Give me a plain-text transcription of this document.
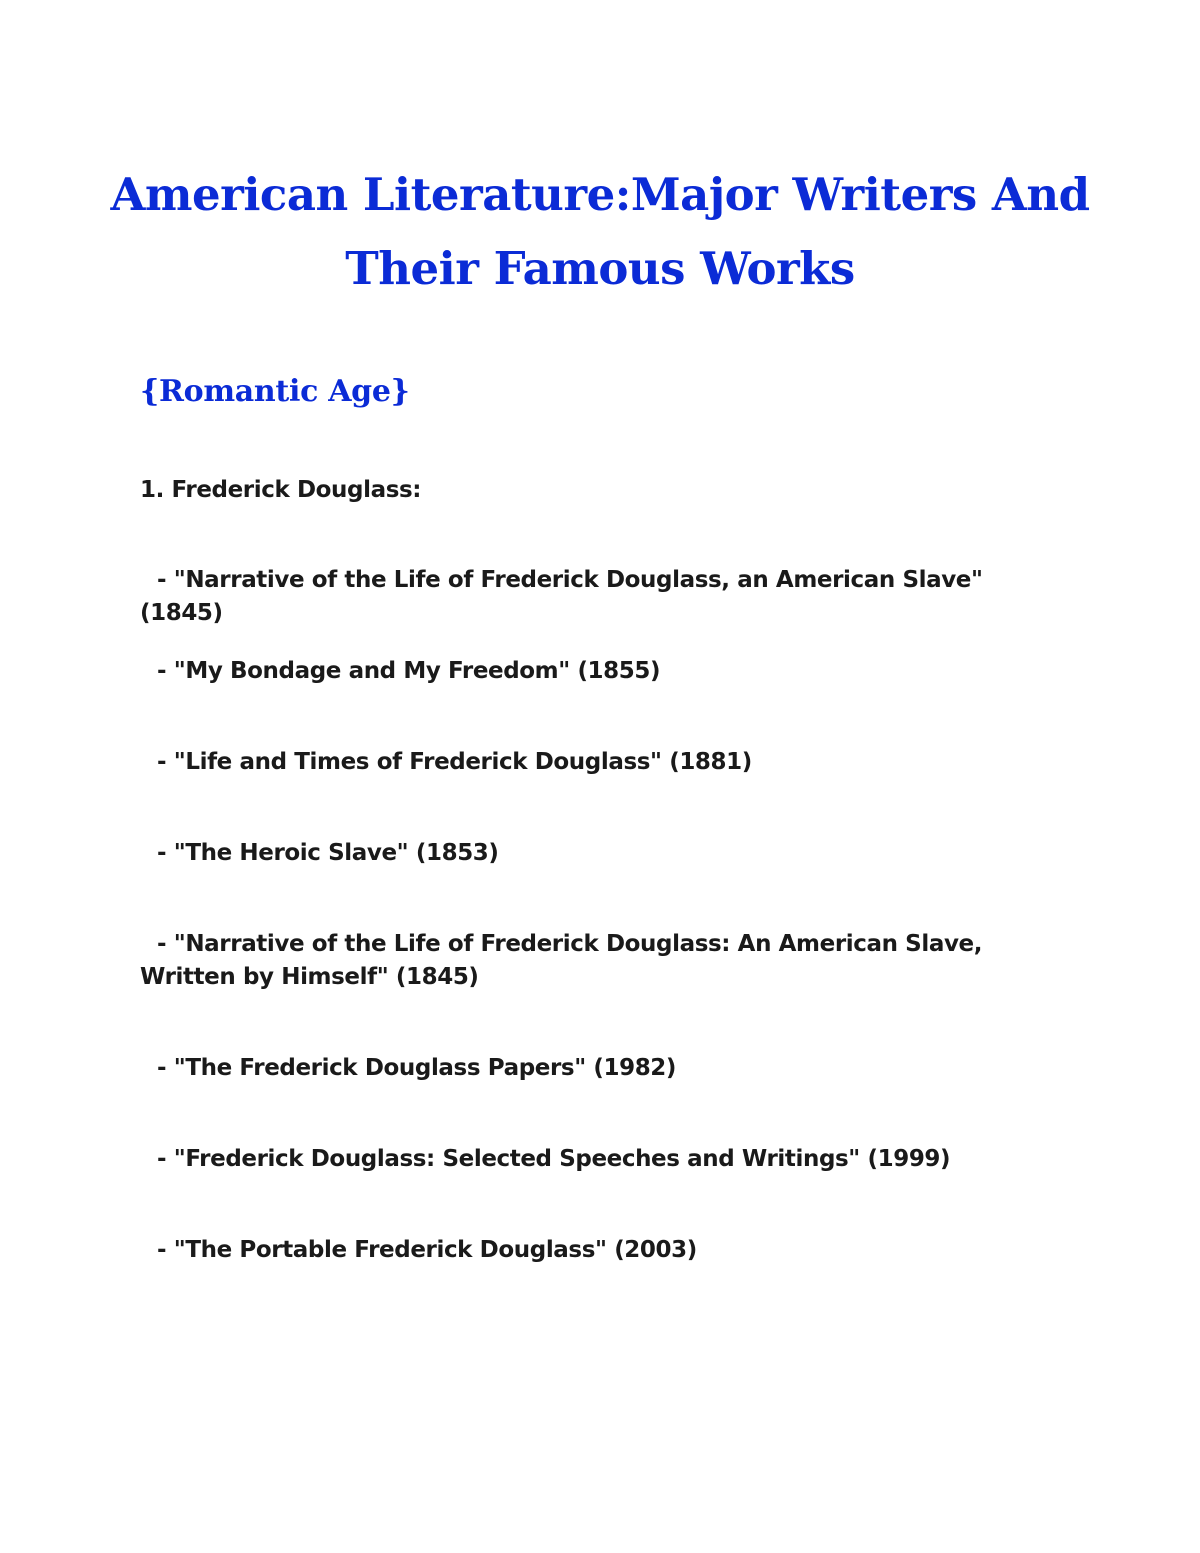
American Literature:Major Writers And
Their Famous Works
{Romantic Age}

1. Frederick Douglass:

- "Narrative of the Life of Frederick Douglass, an American Slave" (1845)
- "My Bondage and My Freedom" (1855)
- "Life and Times of Frederick Douglass" (1881)
- "The Heroic Slave" (1853)
- "Narrative of the Life of Frederick Douglass: An American Slave, Written by Himself" (1845)
- "The Frederick Douglass Papers" (1982)
- "Frederick Douglass: Selected Speeches and Writings" (1999)
- "The Portable Frederick Douglass" (2003)
